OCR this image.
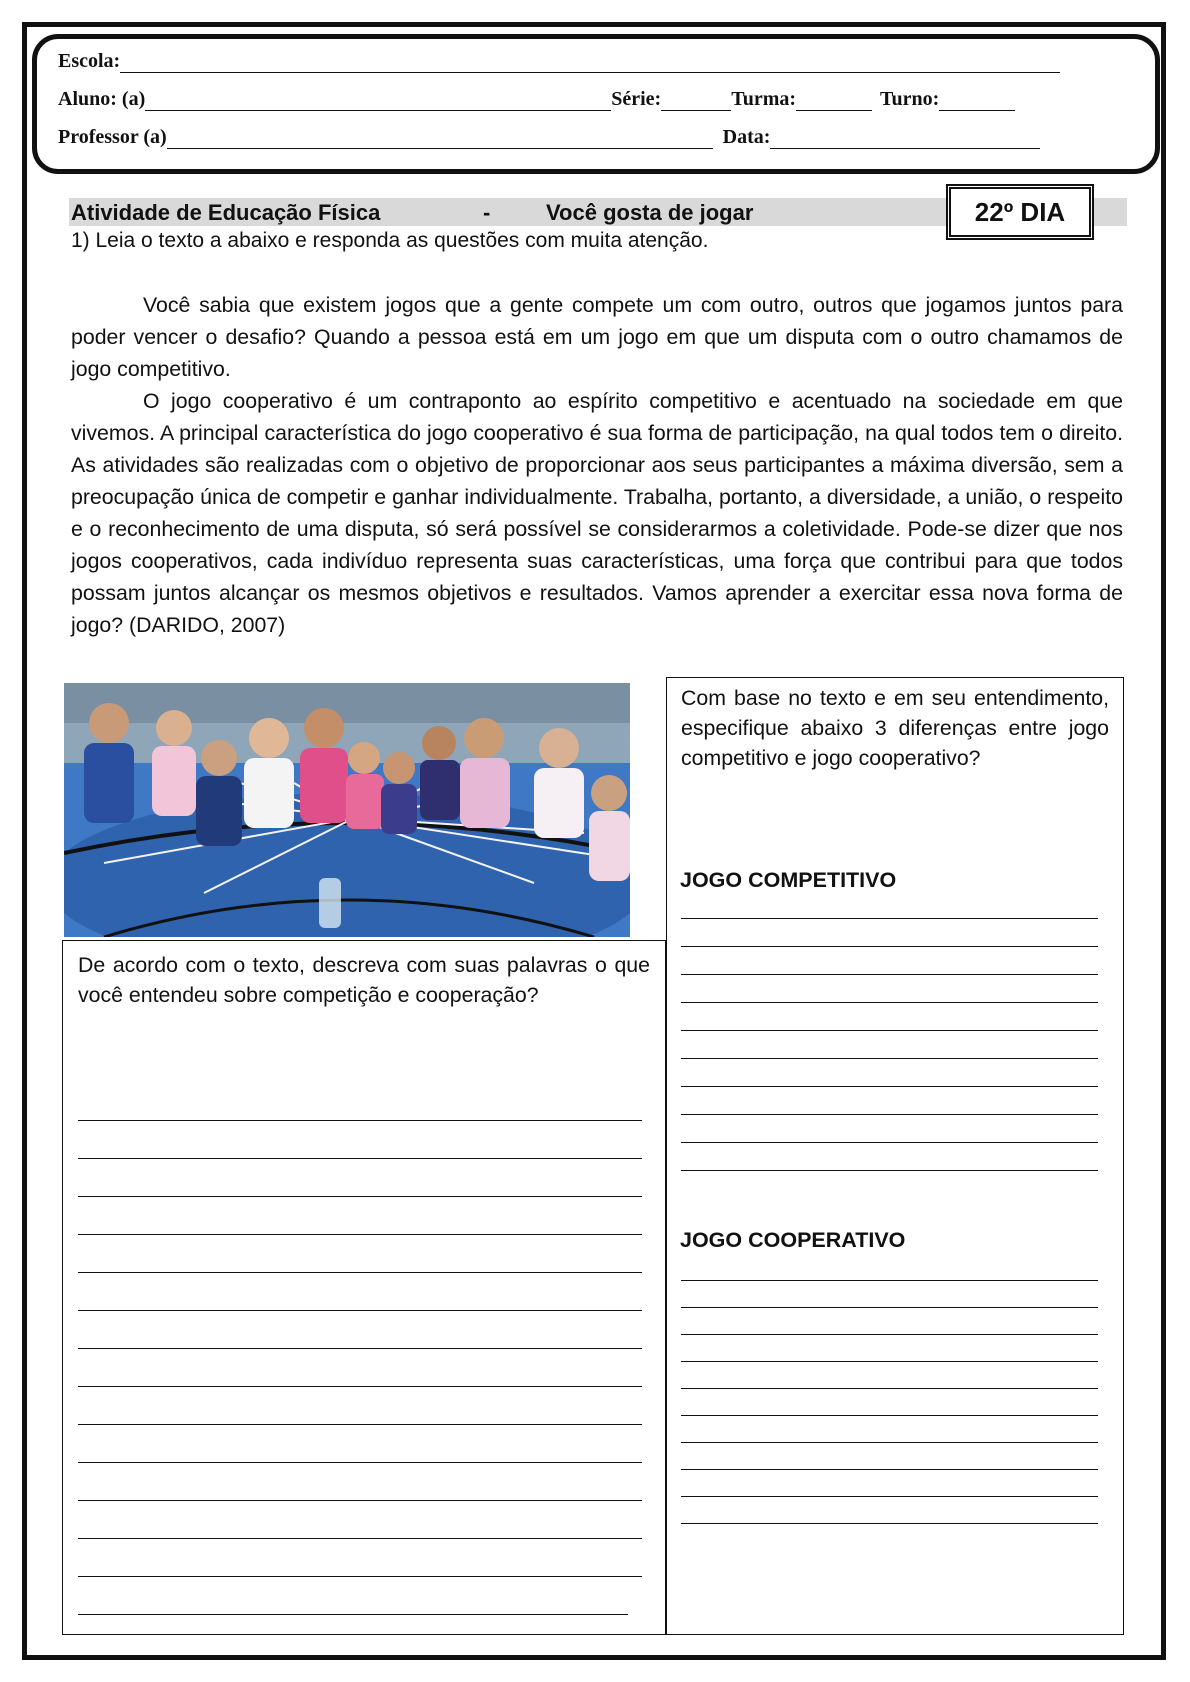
Escola:
Aluno: (a)	Série:	Turma:	Turno:
Professor (a)	Data:
Atividade de Educação Física	-	Você gosta de jogar	22º DIA
1) Leia o texto a abaixo e responda as questões com muita atenção.

Você sabia que existem jogos que a gente compete um com outro, outros que jogamos juntos para poder vencer o desafio? Quando a pessoa está em um jogo em que um disputa com o outro chamamos de jogo competitivo.

O jogo cooperativo é um contraponto ao espírito competitivo e acentuado na sociedade em que vivemos. A principal característica do jogo cooperativo é sua forma de participação, na qual todos tem o direito. As atividades são realizadas com o objetivo de proporcionar aos seus participantes a máxima diversão, sem a preocupação única de competir e ganhar individualmente. Trabalha, portanto, a diversidade, a união, o respeito e o reconhecimento de uma disputa, só será possível se considerarmos a coletividade. Pode-se dizer que nos jogos cooperativos, cada indivíduo representa suas características, uma força que contribui para que todos possam juntos alcançar os mesmos objetivos e resultados. Vamos aprender a exercitar essa nova forma de jogo? (DARIDO, 2007)

Com base no texto e em seu entendimento, especifique abaixo 3 diferenças entre jogo competitivo e jogo cooperativo?
JOGO COMPETITIVO
JOGO COOPERATIVO
De acordo com o texto, descreva com suas palavras o que você entendeu sobre competição e cooperação?
